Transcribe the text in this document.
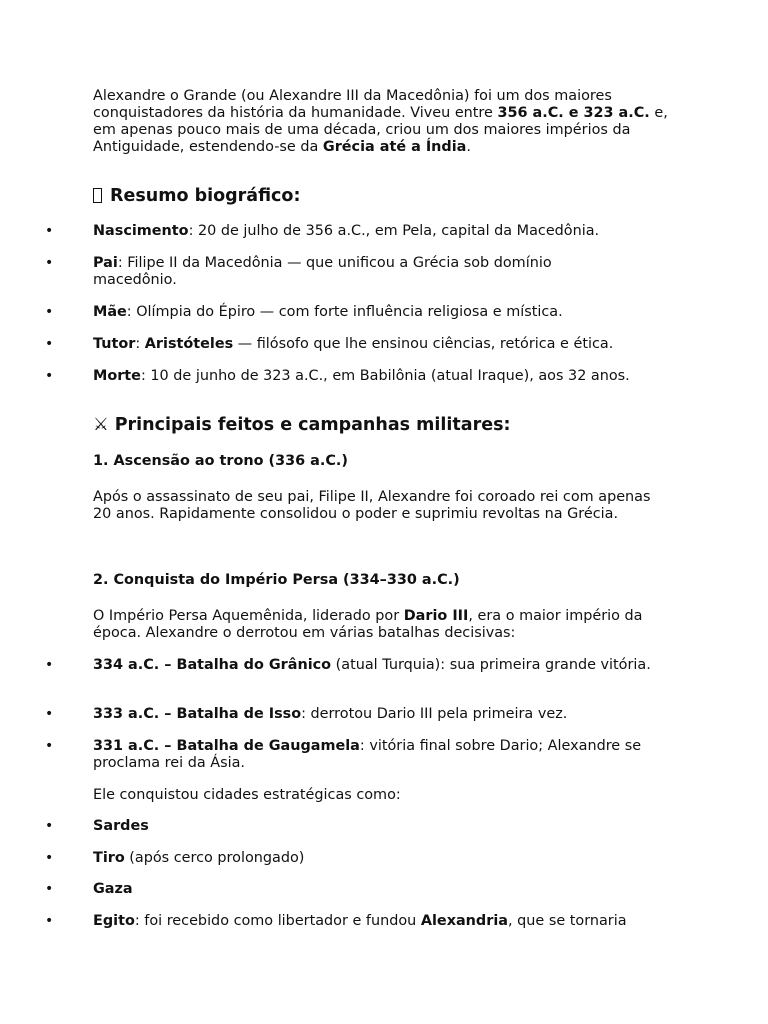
Alexandre o Grande (ou Alexandre III da Macedônia) foi um dos maiores conquistadores da história da humanidade. Viveu entre 356 a.C. e 323 a.C. e, em apenas pouco mais de uma década, criou um dos maiores impérios da Antiguidade, estendendo-se da Grécia até a Índia.

Resumo biográfico:
•	Nascimento: 20 de julho de 356 a.C., em Pela, capital da Macedônia.

•	Pai: Filipe II da Macedônia — que unificou a Grécia sob domínio macedônio.

•	Mãe: Olímpia do Épiro — com forte influência religiosa e mística.

•	Tutor: Aristóteles — filósofo que lhe ensinou ciências, retórica e ética.

•	Morte: 10 de junho de 323 a.C., em Babilônia (atual Iraque), aos 32 anos.

⚔ Principais feitos e campanhas militares:
1. Ascensão ao trono (336 a.C.)

Após o assassinato de seu pai, Filipe II, Alexandre foi coroado rei com apenas 20 anos. Rapidamente consolidou o poder e suprimiu revoltas na Grécia.

2. Conquista do Império Persa (334–330 a.C.)

O Império Persa Aquemênida, liderado por Dario III, era o maior império da época. Alexandre o derrotou em várias batalhas decisivas:

•	334 a.C. – Batalha do Grânico (atual Turquia): sua primeira grande vitória.

•	333 a.C. – Batalha de Isso: derrotou Dario III pela primeira vez.

•	331 a.C. – Batalha de Gaugamela: vitória final sobre Dario; Alexandre se proclama rei da Ásia.

Ele conquistou cidades estratégicas como:

•	Sardes

•	Tiro (após cerco prolongado)

•	Gaza

•	Egito: foi recebido como libertador e fundou Alexandria, que se tornaria
